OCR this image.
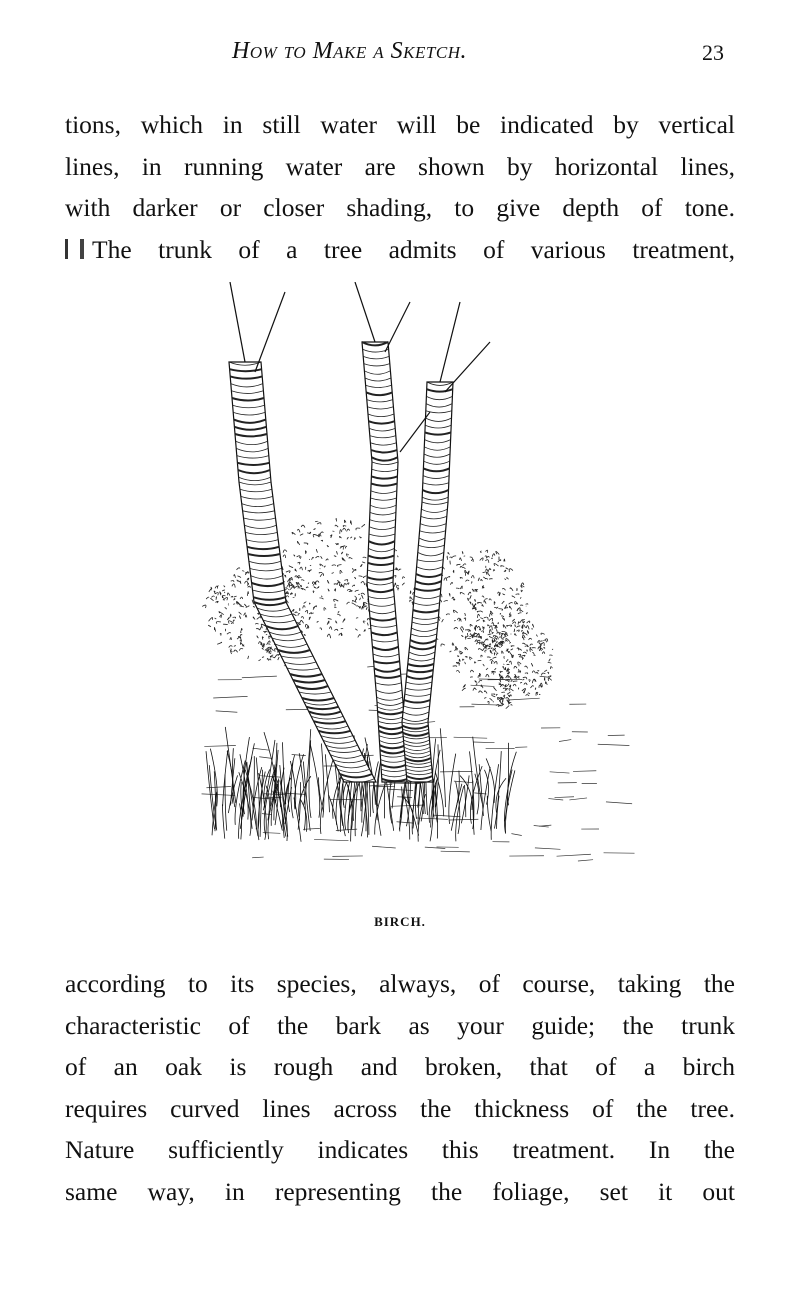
How to Make a Sketch.	23
tions, which in still water will be indicated by vertical
lines, in running water are shown by horizontal lines,
with darker or closer shading, to give depth of tone.
The trunk of a tree admits of various treatment,
BIRCH.
according to its species, always, of course, taking the
characteristic of the bark as your guide; the trunk
of an oak is rough and broken, that of a birch
requires curved lines across the thickness of the tree.
Nature sufficiently indicates this treatment. In the
same way, in representing the foliage, set it out
